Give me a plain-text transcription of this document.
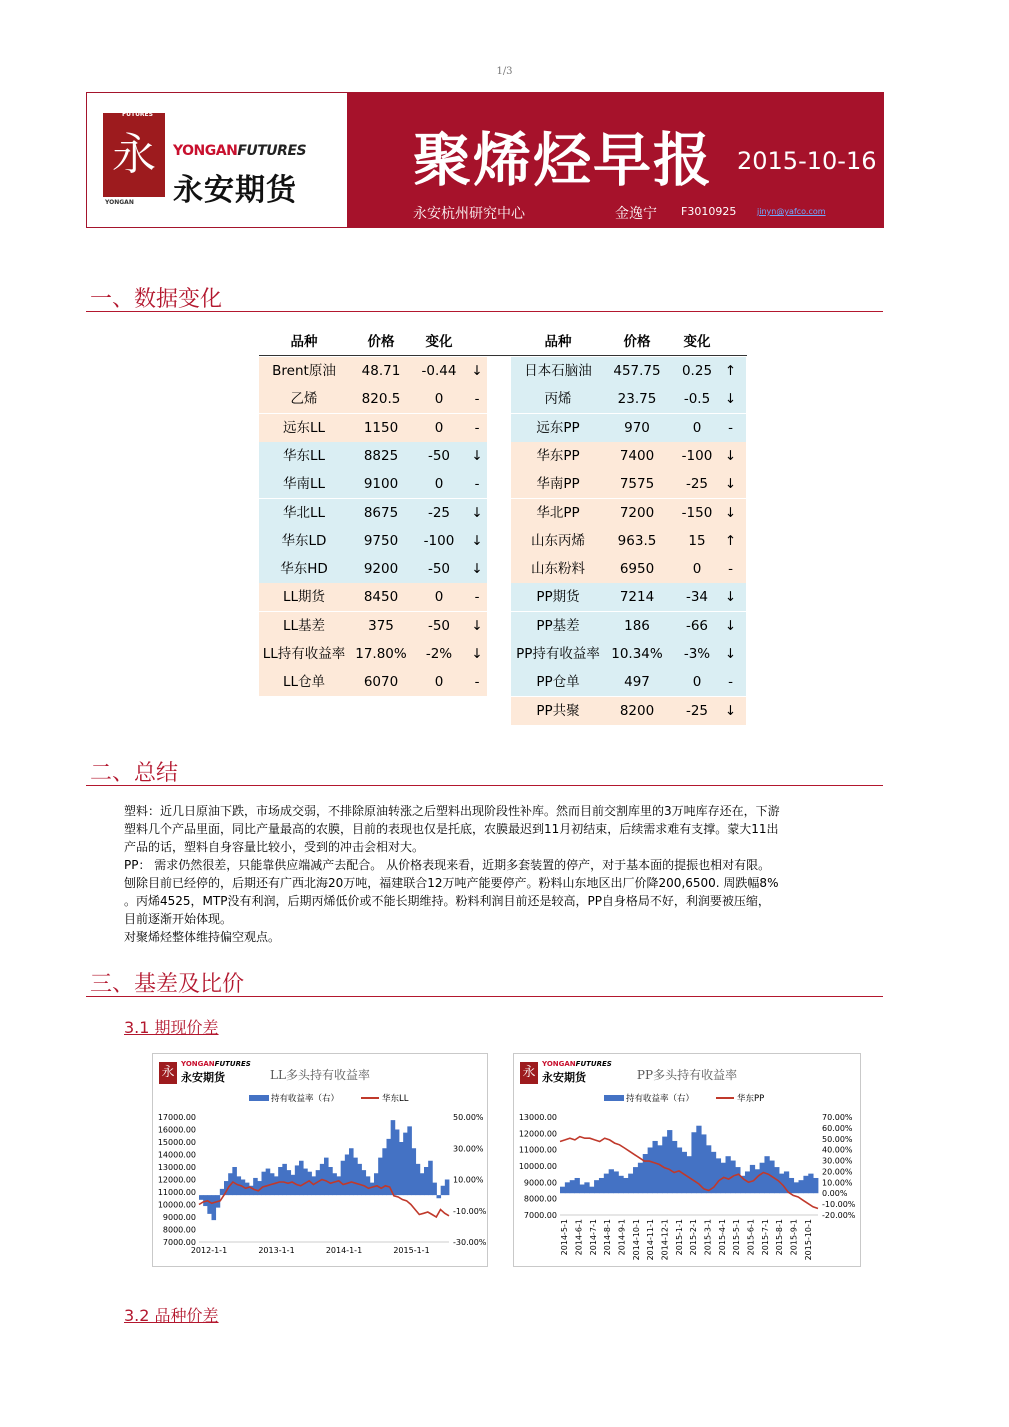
1/3
永
FUTURES
YONGAN
YONGANFUTURES
永安期货 聚烯烃早报 2015-10-16
永安杭州研究中心	金逸宁 F3010925	jinyn@yafco.com
一、数据变化
品种	价格	变化	品种	价格	变化
Brent原油	48.71	-0.44	↓
乙烯	820.5	0	-
远东LL	1150	0	-
华东LL	8825	-50	↓
华南LL	9100	0	-
华北LL	8675	-25	↓
华东LD	9750	-100	↓
华东HD	9200	-50	↓
LL期货	8450	0	-
LL基差	375	-50	↓
LL持有收益率 17.80%	-2%	↓
LL仓单	6070	0	-
日本石脑油	457.75	0.25 ↑
丙烯	23.75	-0.5	↓
远东PP	970	0	-
华东PP	7400	-100 ↓
华南PP	7575	-25	↓
华北PP	7200	-150 ↓
山东丙烯	963.5	15	↑
山东粉料	6950	0	-
PP期货	7214	-34	↓
PP基差	186	-66	↓
PP持有收益率 10.34%	-3%	↓
PP仓单	497	0	-
PP共聚	8200	-25	↓
二、总结

塑料：近几日原油下跌，市场成交弱，不排除原油转涨之后塑料出现阶段性补库。然而目前交割库里的3万吨库存还在，下游

塑料几个产品里面，同比产量最高的农膜，目前的表现也仅是托底，农膜最迟到11月初结束，后续需求难有支撑。蒙大11出

产品的话，塑料自身容量比较小，受到的冲击会相对大。

PP： 需求仍然很差，只能靠供应端减产去配合。 从价格表现来看，近期多套装置的停产，对于基本面的提振也相对有限。

刨除目前已经停的，后期还有广西北海20万吨，福建联合12万吨产能要停产。粉料山东地区出厂价降200,6500. 周跌幅8%

。丙烯4525，MTP没有利润，后期丙烯低价或不能长期维持。粉料利润目前还是较高，PP自身格局不好，利润要被压缩，

目前逐渐开始体现。

对聚烯烃整体维持偏空观点。

三、基差及比价
3.1 期现价差
永
YONGANFUTURES
永安期货	LL多头持有收益率
持有收益率（右）	华东LL
17000.00
16000.00
15000.00
14000.00
13000.00
12000.00
11000.00
10000.00
9000.00
8000.00
7000.00
50.00%
30.00%
10.00%
-10.00%
-30.00%
2012-1-1	2013-1-1	2014-1-1	2015-1-1
永
YONGANFUTURES
永安期货	PP多头持有收益率
持有收益率（右）	华东PP
13000.00
12000.00
11000.00
10000.00
9000.00
8000.00
7000.00
70.00%
60.00%
50.00%
40.00%
30.00%
20.00%
10.00%
0.00%
-10.00%
-20.00%
2014-5-1 2014-6-1 2014-7-1 2014-8-1 2014-9-1 2014-10-1 2014-11-1 2014-12-1 2015-1-1 2015-2-1 2015-3-1 2015-4-1 2015-5-1 2015-6-1 2015-7-1 2015-8-1 2015-9-1 2015-10-1
3.2 品种价差
